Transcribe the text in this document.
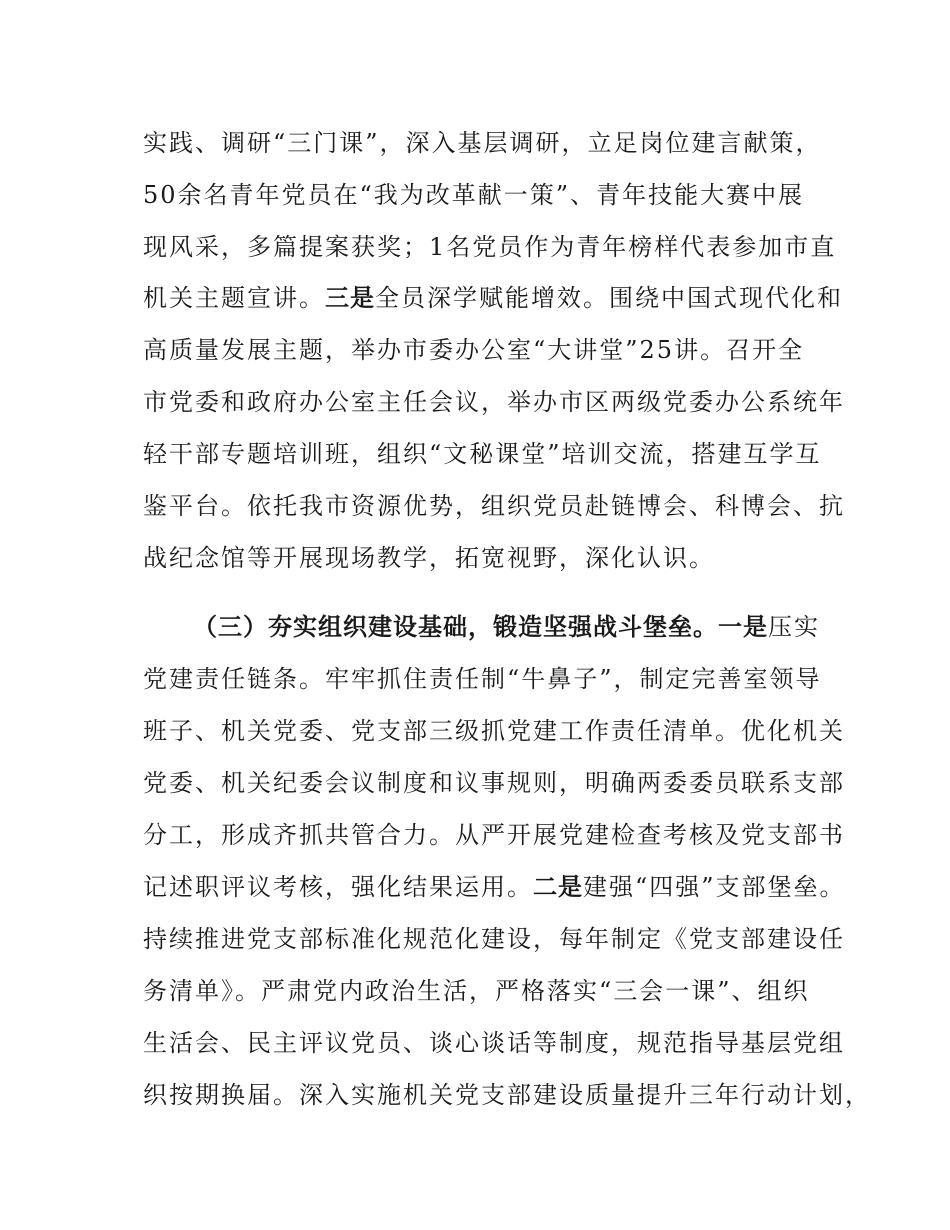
实践、调研“三门课”，深入基层调研，立足岗位建言献策，
50余名青年党员在“我为改革献一策”、青年技能大赛中展
现风采，多篇提案获奖；1名党员作为青年榜样代表参加市直
机关主题宣讲。三是全员深学赋能增效。围绕中国式现代化和
高质量发展主题，举办市委办公室“大讲堂”25讲。召开全
市党委和政府办公室主任会议，举办市区两级党委办公系统年
轻干部专题培训班，组织“文秘课堂”培训交流，搭建互学互
鉴平台。依托我市资源优势，组织党员赴链博会、科博会、抗
战纪念馆等开展现场教学，拓宽视野，深化认识。
（三）夯实组织建设基础，锻造坚强战斗堡垒。一是压实
党建责任链条。牢牢抓住责任制“牛鼻子”，制定完善室领导
班子、机关党委、党支部三级抓党建工作责任清单。优化机关
党委、机关纪委会议制度和议事规则，明确两委委员联系支部
分工，形成齐抓共管合力。从严开展党建检查考核及党支部书
记述职评议考核，强化结果运用。二是建强“四强”支部堡垒。
持续推进党支部标准化规范化建设，每年制定《党支部建设任
务清单》。严肃党内政治生活，严格落实“三会一课”、组织
生活会、民主评议党员、谈心谈话等制度，规范指导基层党组
织按期换届。深入实施机关党支部建设质量提升三年行动计划，
